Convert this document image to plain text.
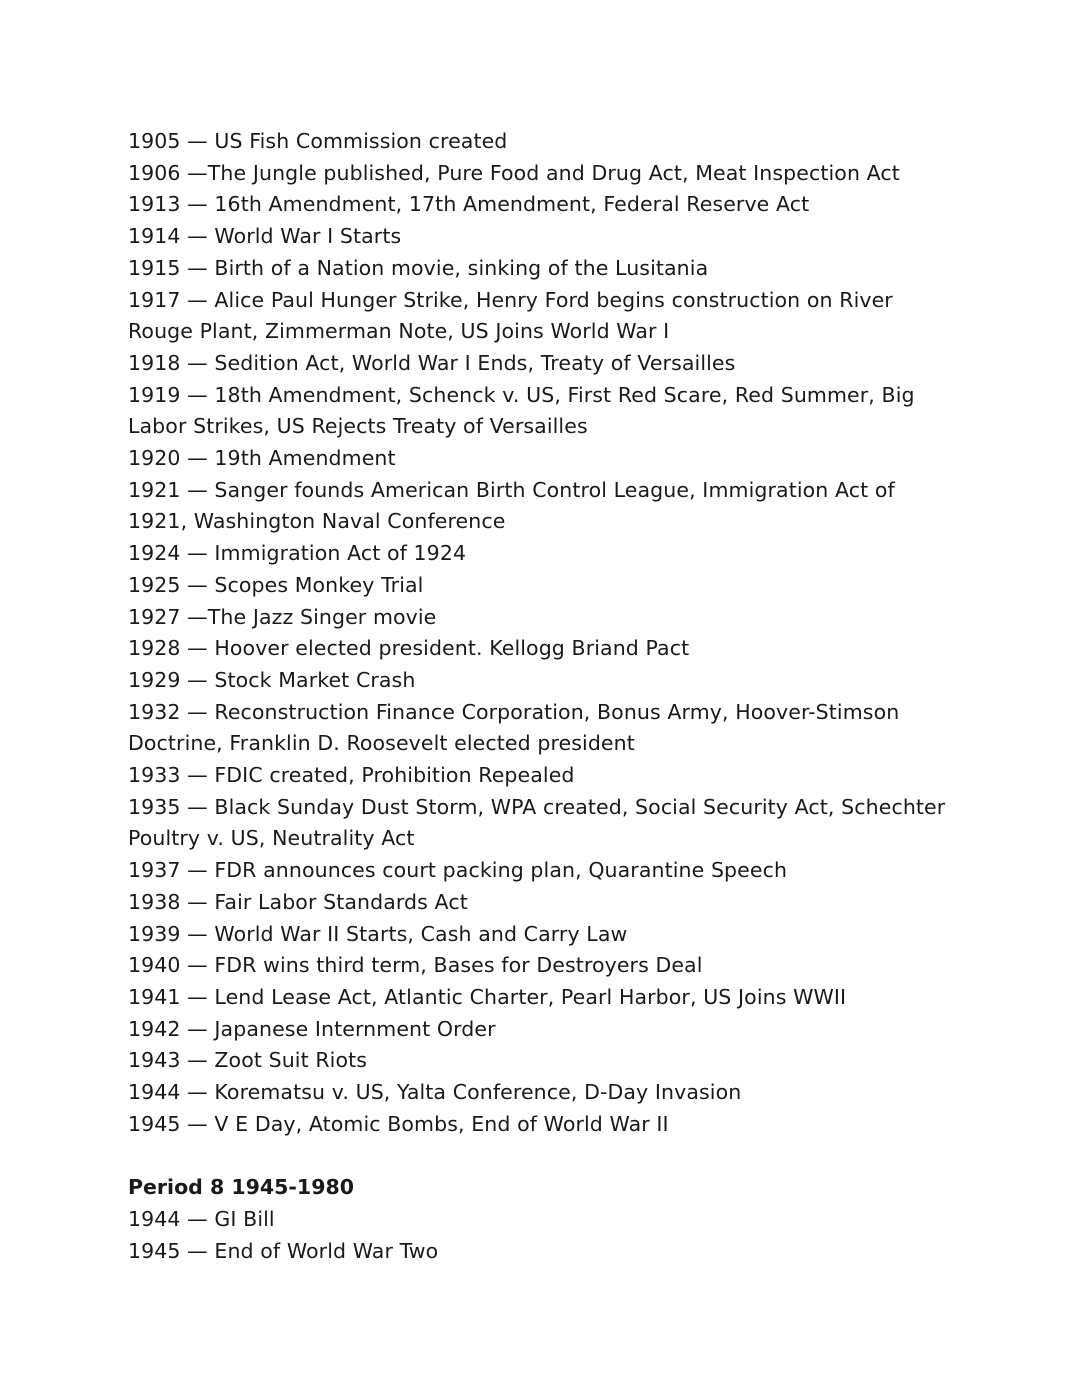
1905 — US Fish Commission created
1906 —The Jungle published, Pure Food and Drug Act, Meat Inspection Act
1913 — 16th Amendment, 17th Amendment, Federal Reserve Act
1914 — World War I Starts
1915 — Birth of a Nation movie, sinking of the Lusitania
1917 — Alice Paul Hunger Strike, Henry Ford begins construction on River Rouge Plant, Zimmerman Note, US Joins World War I
1918 — Sedition Act, World War I Ends, Treaty of Versailles
1919 — 18th Amendment, Schenck v. US, First Red Scare, Red Summer, Big Labor Strikes, US Rejects Treaty of Versailles
1920 — 19th Amendment
1921 — Sanger founds American Birth Control League, Immigration Act of 1921, Washington Naval Conference
1924 — Immigration Act of 1924
1925 — Scopes Monkey Trial
1927 —The Jazz Singer movie
1928 — Hoover elected president. Kellogg Briand Pact
1929 — Stock Market Crash
1932 — Reconstruction Finance Corporation, Bonus Army, Hoover-Stimson Doctrine, Franklin D. Roosevelt elected president
1933 — FDIC created, Prohibition Repealed
1935 — Black Sunday Dust Storm, WPA created, Social Security Act, Schechter Poultry v. US, Neutrality Act
1937 — FDR announces court packing plan, Quarantine Speech
1938 — Fair Labor Standards Act
1939 — World War II Starts, Cash and Carry Law
1940 — FDR wins third term, Bases for Destroyers Deal
1941 — Lend Lease Act, Atlantic Charter, Pearl Harbor, US Joins WWII
1942 — Japanese Internment Order
1943 — Zoot Suit Riots
1944 — Korematsu v. US, Yalta Conference, D-Day Invasion
1945 — V E Day, Atomic Bombs, End of World War II
Period 8 1945-1980
1944 — GI Bill
1945 — End of World War Two
